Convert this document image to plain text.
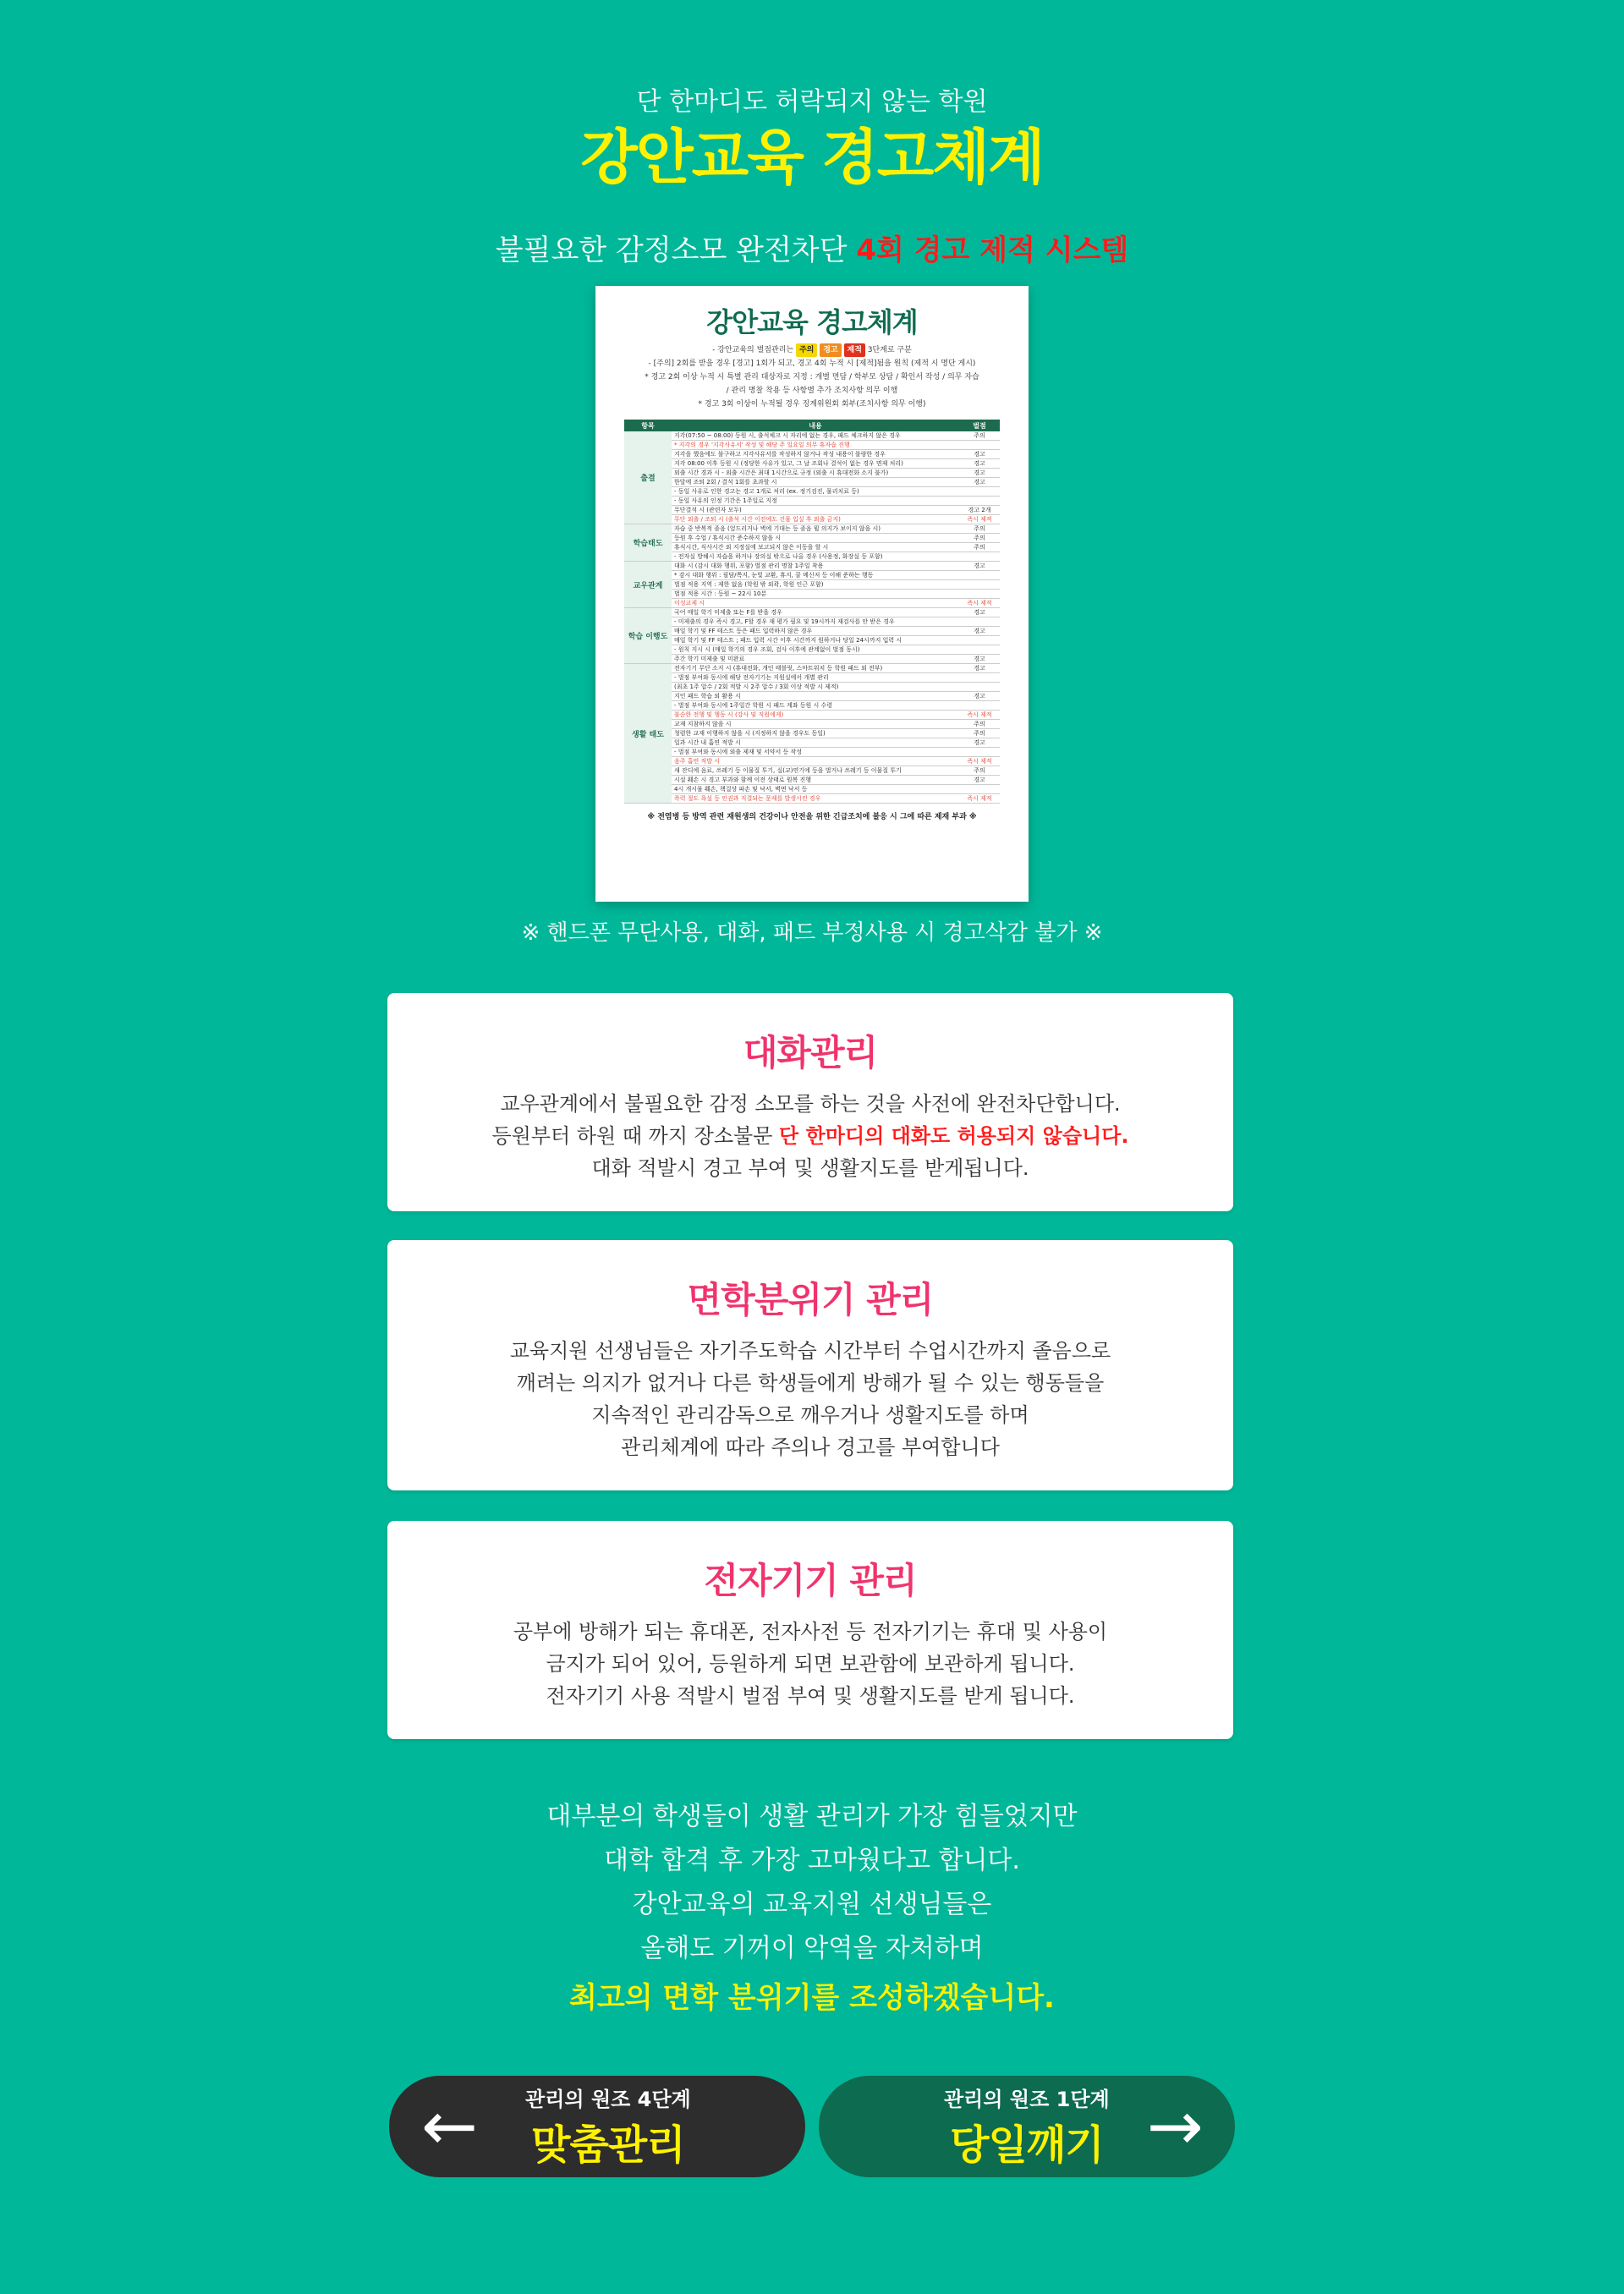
단 한마디도 허락되지 않는 학원
강안교육 경고체계
불필요한 감정소모 완전차단 4회 경고 제적 시스템
강안교육 경고체계
- 강안교육의 벌점관리는 주의 경고 제적 3단계로 구분
- [주의] 2회를 받을 경우 [경고] 1회가 되고, 경고 4회 누적 시 [제적]됨을 원칙 (제적 시 명단 게시)
* 경고 2회 이상 누적 시 특별 관리 대상자로 지정 : 개별 면담 / 학부모 상담 / 확인서 작성 / 의무 자습
/ 관리 명찰 착용 등 사항별 추가 조치사항 의무 이행
* 경고 3회 이상이 누적될 경우 징계위원회 회부(조치사항 의무 이행)
항목	내용	벌점
출결	지각(07:50 ~ 08:00) 등원 시, 출석체크 시 자리에 없는 경우, 패드 체크하지 않은 경우	주의
	* 지각의 경우 '지각사유서' 작성 및 해당 주 일요일 의무 휴자습 진행	
	지각을 했음에도 불구하고 지각사유서를 작성하지 않거나 작성 내용이 불량한 경우	경고
	지각 08:00 이후 등원 시 (정당한 사유가 있고, 그 날 조회나 결석이 없는 경우 면제 처리)	경고
	외출 시간 경과 시 - 외출 시간은 최대 1시간으로 규정 (외출 시 휴대전화 소지 불가)	경고
	한달에 조퇴 2회 / 결석 1회를 초과할 시	경고
	- 동일 사유로 인한 경고는 경고 1개로 처리 (ex. 정기검진, 물리치료 등)	
	- 동일 사유의 인정 기간은 1주일로 지정	
	무단결석 시 (관련자 모두)	경고 2개
	무단 외출 / 조퇴 시 (출석 시간 이전에도 건물 입실 후 외출 금지)	즉시 제적
학습태도	자습 중 반복적 졸음 (엎드리거나 벽에 기대는 등 졸음 뭘 의지가 보이지 않을 시)	주의
	등원 후 수업 / 휴식시간 준수하지 않을 시	주의
	휴식시간, 식사시간 외 지정실에 보고되지 않은 이동을 할 시	주의
	- 전자실 방해시 자습을 하거나 장의실 밖으로 나올 경우 (사용정, 화장실 등 포함)	
교우관계	대화 시 (감시 대화 행위, 포함) 벌점 관리 명찰 1주일 착용	경고
	* 감시 대화 행위 : 필담/쪽지, 눈빛 교환, 휴지, 쿨 메신저 등 이해 준하는 행동	
	벌점 적용 지역 : 제한 없음 (학원 밖 외곽, 학원 인근 포함)	
	벌점 적용 시간 : 등원 ~ 22시 10분	
	이성교제 시	즉시 제적
학습 이행도	국어 매일 학기 미제출 또는 F를 받을 경우	경고
	- 미제출의 경우 즉시 경고, F할 경우 재 평가 필요 및 19시까지 재검사를 안 받은 경우	
	매일 학기 및 FF 테스트 등은 패드 입력하지 않은 경우	경고
	매일 학기 및 FF 테스트 ; 패드 입력 시간 이후 시간까지 원하거나 당일 24시까지 입력 시	
	- 원칙 지시 시 (매일 학기의 경우 조회, 검사 이후에 관계없이 벌점 동시)	
	주간 학기 미제출 및 미완료	경고
생활 태도	전자기기 무단 소지 시 (휴대전화, 개인 태블릿, 스마트워치 등 학원 패드 외 전부)	경고
	- 벌점 부여와 동시에 해당 전자기기는 지원실에서 개별 관리	
	(최초 1주 압수 / 2회 적발 시 2주 압수 / 3회 이상 적발 시 제적)	
	지인 패드 학습 외 활용 시	경고
	- 벌점 부여와 동시에 1주일간 학원 시 패드 계좌 등원 시 수령	
	불순한 전행 및 행동 시 (강사 및 직원에게)	즉시 제적
	교재 지참하지 않을 시	주의
	청렴한 교재 이행하지 않을 시 (지정하지 않을 경우도 동일)	주의
	일과 시간 내 흡연 적발 시	경고
	- 벌점 부여와 동시에 외출 제재 및 서약서 등 작성	
	음주 흡연 적발 시	즉시 제적
	새 잔디에 음료, 쓰레기 등 이물질 투기, 실(교)연기에 등을 벌거나 쓰레기 등 이물질 투기	주의
	시설 훼손 시 경고 부과와 함께 이전 상태로 원복 진행	경고
	4시 개시물 훼손, 책걸상 파손 및 낙서, 벽면 낙서 등	
	폭력 절도 욕설 등 인권과 직결되는 문제를 발생시킨 경우	즉시 제적
※ 전염병 등 방역 관련 재원생의 건강이나 안전을 위한 긴급조치에 불응 시 그에 따른 제재 부과 ※
※ 핸드폰 무단사용, 대화, 패드 부정사용 시 경고삭감 불가 ※
대화관리

교우관계에서 불필요한 감정 소모를 하는 것을 사전에 완전차단합니다.

등원부터 하원 때 까지 장소불문 단 한마디의 대화도 허용되지 않습니다.

대화 적발시 경고 부여 및 생활지도를 받게됩니다.

면학분위기 관리

교육지원 선생님들은 자기주도학습 시간부터 수업시간까지 졸음으로

깨려는 의지가 없거나 다른 학생들에게 방해가 될 수 있는 행동들을

지속적인 관리감독으로 깨우거나 생활지도를 하며

관리체계에 따라 주의나 경고를 부여합니다

전자기기 관리

공부에 방해가 되는 휴대폰, 전자사전 등 전자기기는 휴대 및 사용이

금지가 되어 있어, 등원하게 되면 보관함에 보관하게 됩니다.

전자기기 사용 적발시 벌점 부여 및 생활지도를 받게 됩니다.

대부분의 학생들이 생활 관리가 가장 힘들었지만
대학 합격 후 가장 고마웠다고 합니다.
강안교육의 교육지원 선생님들은
올해도 기꺼이 악역을 자처하며
최고의 면학 분위기를 조성하겠습니다.
← 관리의 원조 4단계
맞춤관리
관리의 원조 1단계
당일깨기 →
